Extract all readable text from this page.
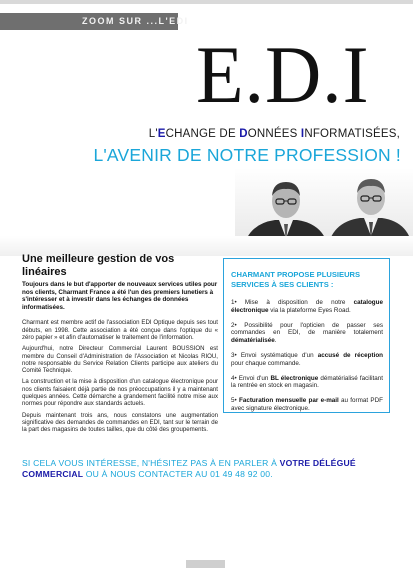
ZOOM SUR ...L'EDI
E.D.I
L'ECHANGE DE DONNÉES INFORMATISÉES,
L'AVENIR DE NOTRE PROFESSION !
Une meilleure gestion de vos linéaires
Toujours dans le but d'apporter de nouveaux services utiles pour nos clients, Charmant France a été l'un des premiers lunetiers à s'intéresser et à investir dans les échanges de données informatisées.

Charmant est membre actif de l'association EDI Optique depuis ses tout débuts, en 1998. Cette association a été conçue dans l'optique du « zéro papier » et afin d'automatiser le traitement de l'information.

Aujourd'hui, notre Directeur Commercial Laurent BOUSSION est membre du Conseil d'Administration de l'Association et Nicolas RIOU, notre responsable du Service Relation Clients participe aux ateliers du Comité Technique.

La construction et la mise à disposition d'un catalogue électronique pour nos clients faisaient déjà partie de nos préoccupations il y a maintenant quelques années. Cette démarche a grandement facilité notre mise aux normes pour répondre aux standards actuels.

Depuis maintenant trois ans, nous constatons une augmentation significative des demandes de commandes en EDI, tant sur le terrain de la part des magasins de toutes tailles, que du côté des groupements.

CHARMANT PROPOSE PLUSIEURS SERVICES À SES CLIENTS :
1• Mise à disposition de notre catalogue électronique via la plateforme Eyes Road.
2• Possibilité pour l'opticien de passer ses commandes en EDI, de manière totalement dématérialisée.
3• Envoi systématique d'un accusé de réception pour chaque commande.
4• Envoi d'un BL électronique dématérialisé facilitant la rentrée en stock en magasin.
5• Facturation mensuelle par e-mail au format PDF avec signature électronique.
SI CELA VOUS INTÉRESSE, N'HÉSITEZ PAS À EN PARLER À VOTRE DÉLÉGUÉ COMMERCIAL OU À NOUS CONTACTER AU 01 49 48 92 00.
